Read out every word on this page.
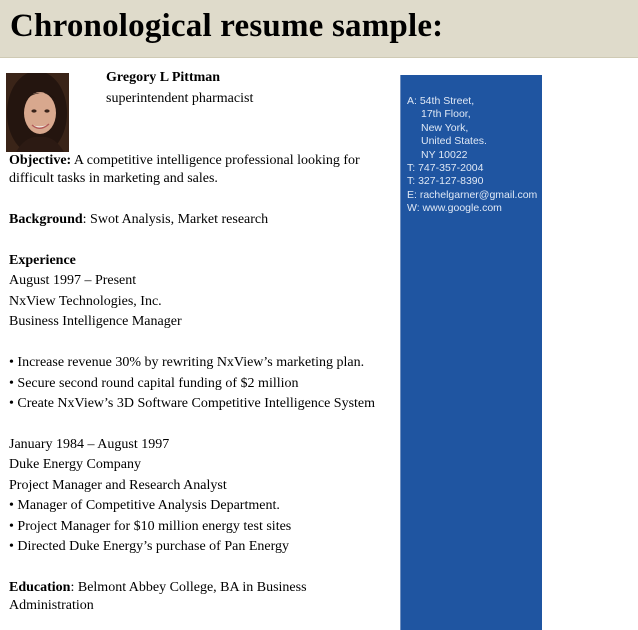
Chronological resume sample:
Gregory L Pittman
superintendent pharmacist
Objective: A competitive intelligence professional looking for
difficult tasks in marketing and sales.
Background: Swot Analysis, Market research
Experience
August 1997 – Present
NxView Technologies, Inc.
Business Intelligence Manager
• Increase revenue 30% by rewriting NxView’s marketing plan.
• Secure second round capital funding of $2 million
• Create NxView’s 3D Software Competitive Intelligence System
January 1984 – August 1997
Duke Energy Company
Project Manager and Research Analyst
• Manager of Competitive Analysis Department.
• Project Manager for $10 million energy test sites
• Directed Duke Energy’s purchase of Pan Energy
Education: Belmont Abbey College, BA in Business
Administration
A: 54th Street,
17th Floor,
New York,
United States.
NY 10022
T: 747-357-2004
T: 327-127-8390
E: rachelgarner@gmail.com
W: www.google.com
